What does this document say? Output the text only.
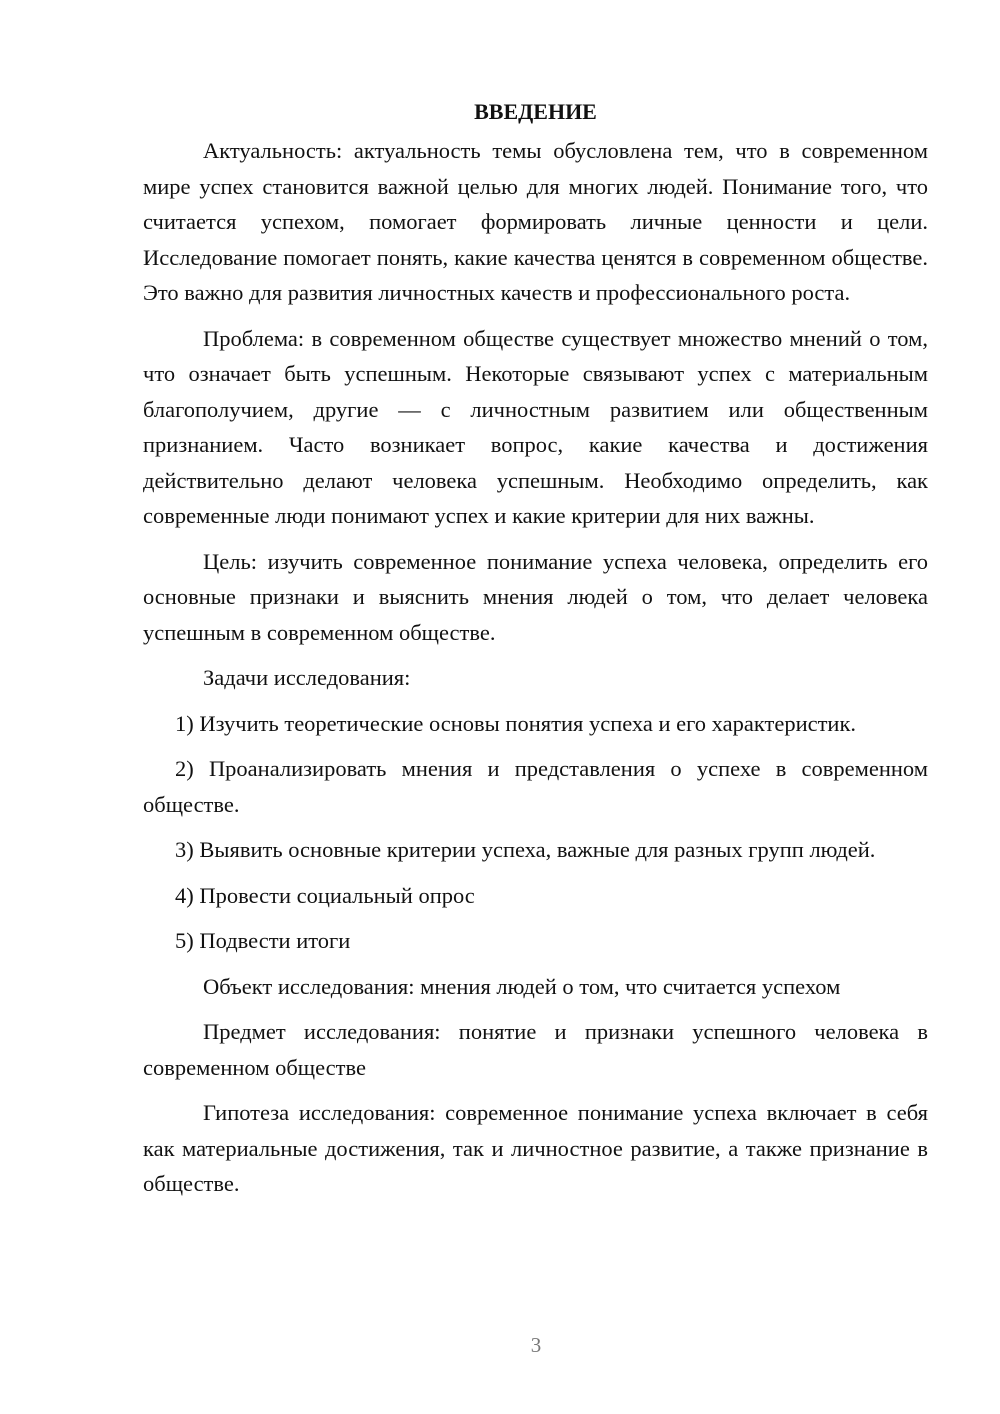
ВВЕДЕНИЕ

Актуальность: актуальность темы обусловлена тем, что в современном мире успех становится важной целью для многих людей. Понимание того, что считается успехом, помогает формировать личные ценности и цели. Исследование помогает понять, какие качества ценятся в современном обществе. Это важно для развития личностных качеств и профессионального роста.

Проблема: в современном обществе существует множество мнений о том, что означает быть успешным. Некоторые связывают успех с материальным благополучием, другие — с личностным развитием или общественным признанием. Часто возникает вопрос, какие качества и достижения действительно делают человека успешным. Необходимо определить, как современные люди понимают успех и какие критерии для них важны.

Цель: изучить современное понимание успеха человека, определить его основные признаки и выяснить мнения людей о том, что делает человека успешным в современном обществе.

Задачи исследования:

1) Изучить теоретические основы понятия успеха и его характеристик.

2) Проанализировать мнения и представления о успехе в современном обществе.

3) Выявить основные критерии успеха, важные для разных групп людей.

4) Провести социальный опрос

5) Подвести итоги

Объект исследования: мнения людей о том, что считается успехом

Предмет исследования: понятие и признаки успешного человека в современном обществе

Гипотеза исследования: современное понимание успеха включает в себя как материальные достижения, так и личностное развитие, а также признание в обществе.

3
